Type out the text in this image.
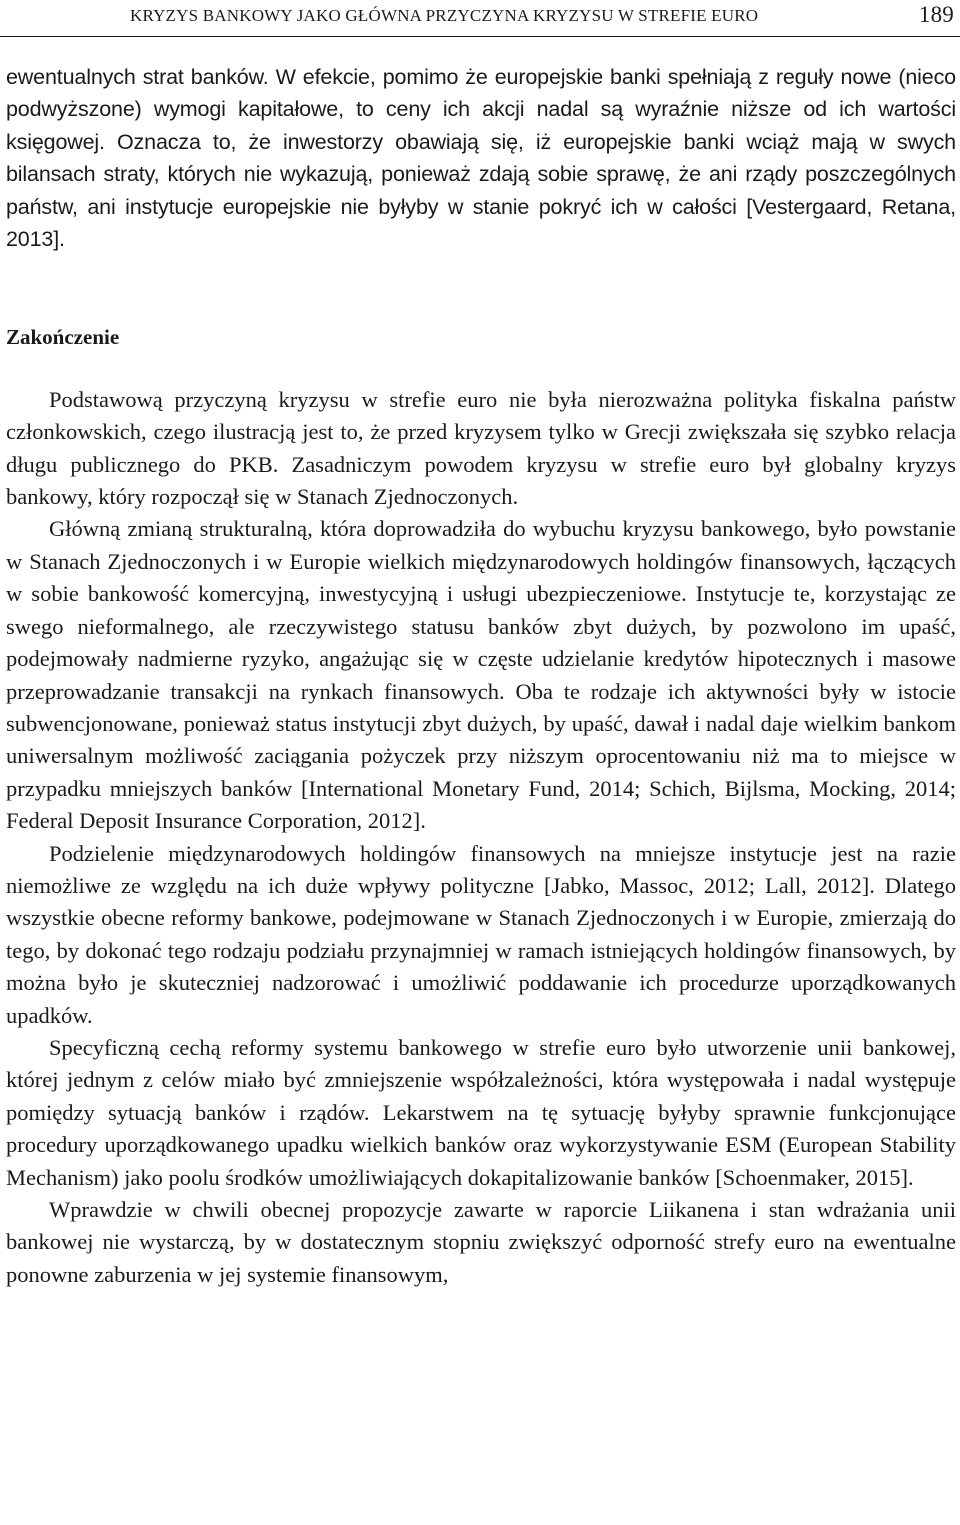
KRYZYS BANKOWY JAKO GŁÓWNA PRZYCZYNA KRYZYSU W STREFIE EURO	189

ewentualnych strat banków. W efekcie, pomimo że europejskie banki spełniają z reguły nowe (nieco podwyższone) wymogi kapitałowe, to ceny ich akcji nadal są wyraźnie niższe od ich wartości księgowej. Oznacza to, że inwestorzy obawiają się, iż europejskie banki wciąż mają w swych bilansach straty, których nie wykazują, ponieważ zdają sobie sprawę, że ani rządy poszczególnych państw, ani instytucje europejskie nie byłyby w stanie pokryć ich w całości [Vestergaard, Retana, 2013].

Zakończenie

Podstawową przyczyną kryzysu w strefie euro nie była nierozważna polityka fiskalna państw członkowskich, czego ilustracją jest to, że przed kryzysem tylko w Grecji zwiększała się szybko relacja długu publicznego do PKB. Zasadniczym powodem kryzysu w strefie euro był globalny kryzys bankowy, który rozpoczął się w Stanach Zjednoczonych.

Główną zmianą strukturalną, która doprowadziła do wybuchu kryzysu bankowego, było powstanie w Stanach Zjednoczonych i w Europie wielkich międzynarodowych holdingów finansowych, łączących w sobie bankowość komercyjną, inwestycyjną i usługi ubezpieczeniowe. Instytucje te, korzystając ze swego nieformalnego, ale rzeczywistego statusu banków zbyt dużych, by pozwolono im upaść, podejmowały nadmierne ryzyko, angażując się w częste udzielanie kredytów hipotecznych i masowe przeprowadzanie transakcji na rynkach finansowych. Oba te rodzaje ich aktywności były w istocie subwencjonowane, ponieważ status instytucji zbyt dużych, by upaść, dawał i nadal daje wielkim bankom uniwersalnym możliwość zaciągania pożyczek przy niższym oprocentowaniu niż ma to miejsce w przypadku mniejszych banków [International Monetary Fund, 2014; Schich, Bijlsma, Mocking, 2014; Federal Deposit Insurance Corporation, 2012].

Podzielenie międzynarodowych holdingów finansowych na mniejsze instytucje jest na razie niemożliwe ze względu na ich duże wpływy polityczne [Jabko, Massoc, 2012; Lall, 2012]. Dlatego wszystkie obecne reformy bankowe, podejmowane w Stanach Zjednoczonych i w Europie, zmierzają do tego, by dokonać tego rodzaju podziału przynajmniej w ramach istniejących holdingów finansowych, by można było je skuteczniej nadzorować i umożliwić poddawanie ich procedurze uporządkowanych upadków.

Specyficzną cechą reformy systemu bankowego w strefie euro było utworzenie unii bankowej, której jednym z celów miało być zmniejszenie współzależności, która występowała i nadal występuje pomiędzy sytuacją banków i rządów. Lekarstwem na tę sytuację byłyby sprawnie funkcjonujące procedury uporządkowanego upadku wielkich banków oraz wykorzystywanie ESM (European Stability Mechanism) jako poolu środków umożliwiających dokapitalizowanie banków [Schoenmaker, 2015].

Wprawdzie w chwili obecnej propozycje zawarte w raporcie Liikanena i stan wdrażania unii bankowej nie wystarczą, by w dostatecznym stopniu zwiększyć odporność strefy euro na ewentualne ponowne zaburzenia w jej systemie finansowym,
